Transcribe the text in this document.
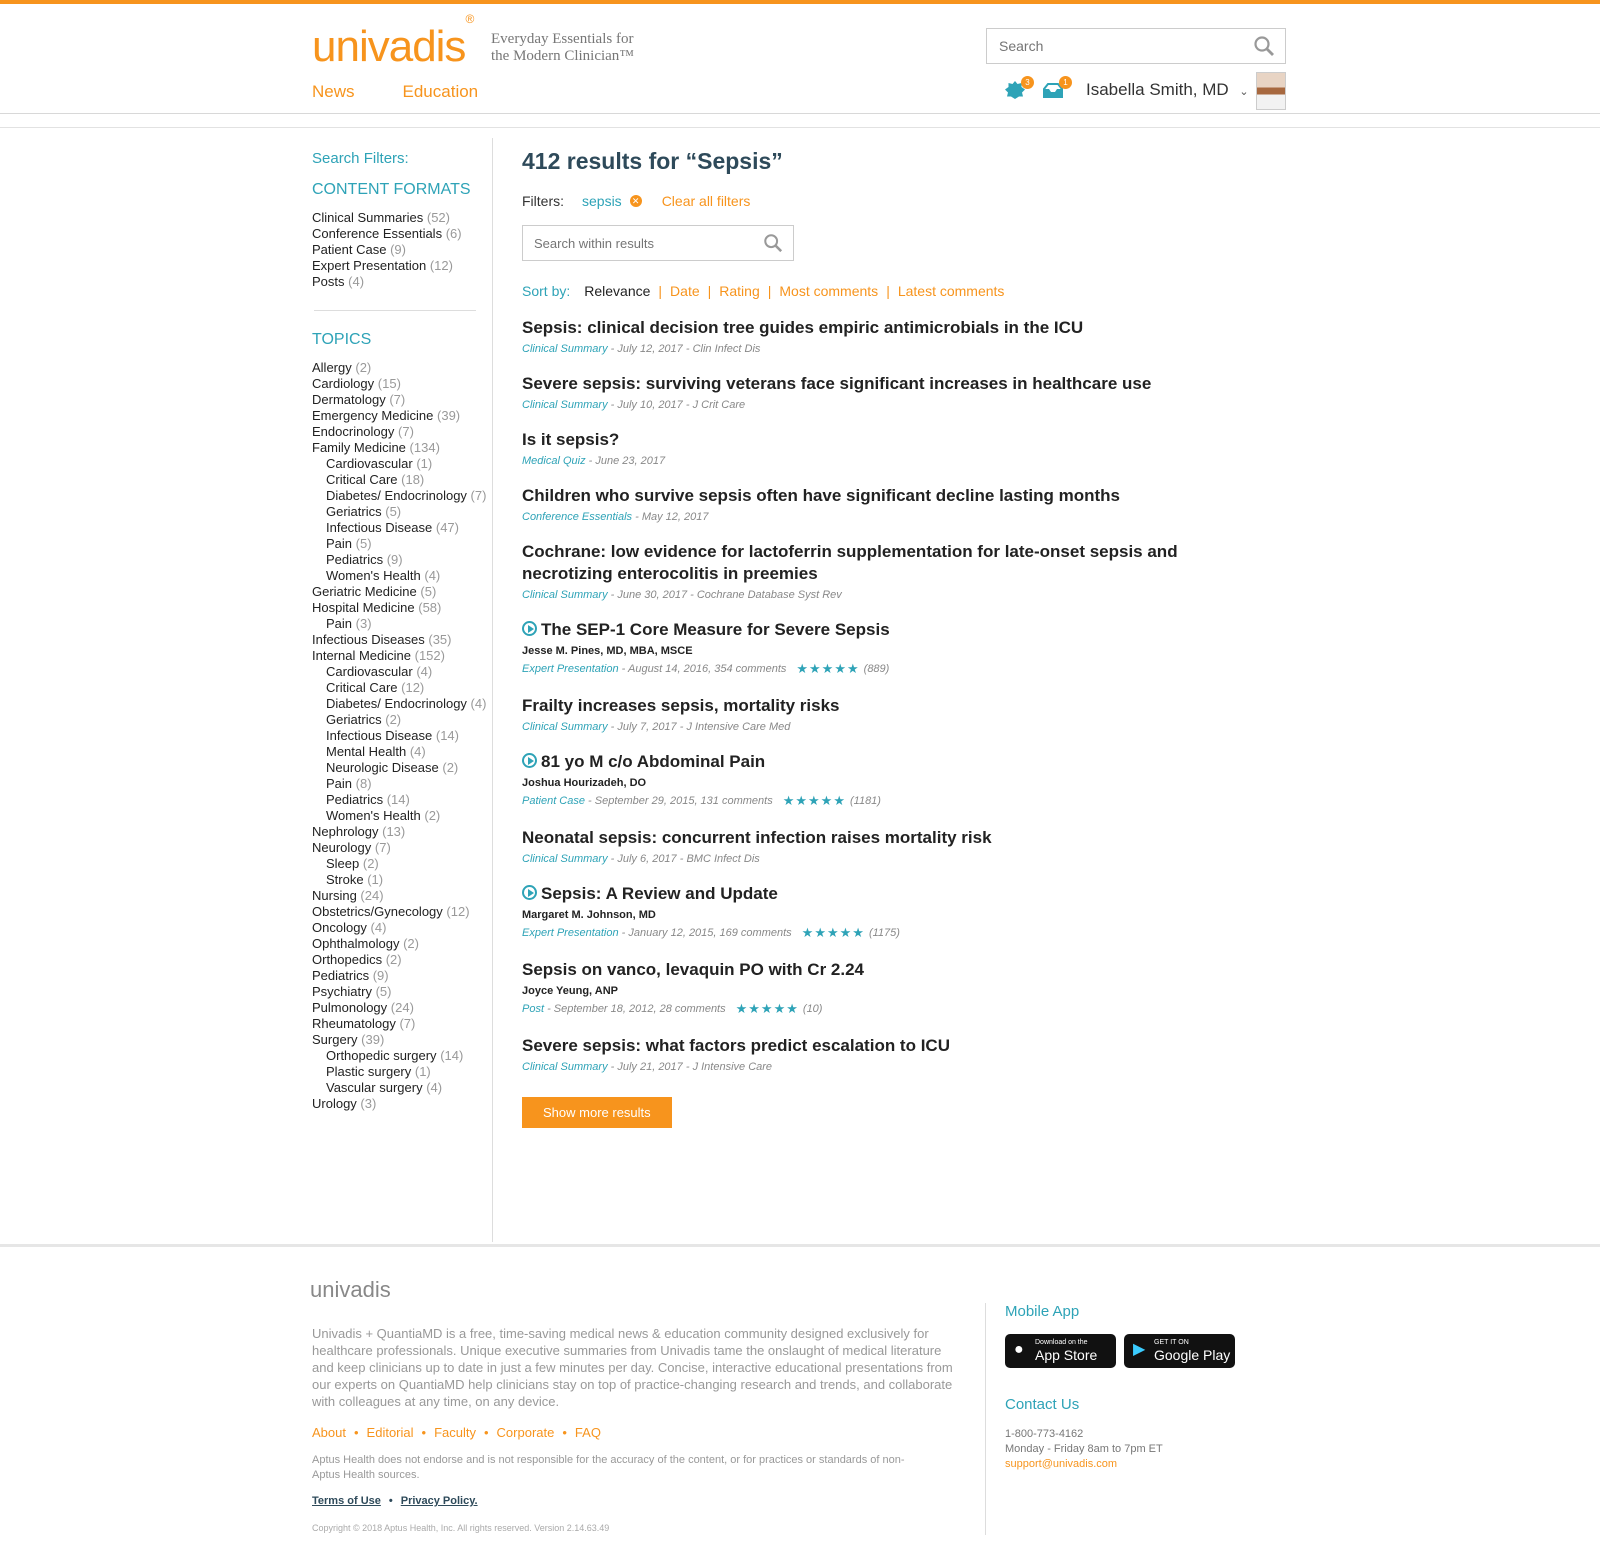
univadis®
Everyday Essentials for
the Modern Clinician™
News	Education
Search	3	1 Isabella Smith, MD ⌄
Search Filters:
CONTENT FORMATS
Clinical Summaries (52)
Conference Essentials (6)
Patient Case (9)
Expert Presentation (12)
Posts (4)
TOPICS
Allergy (2)
Cardiology (15)
Dermatology (7)
Emergency Medicine (39)
Endocrinology (7)
Family Medicine (134)
Cardiovascular (1)
Critical Care (18)
Diabetes/ Endocrinology (7)
Geriatrics (5)
Infectious Disease (47)
Pain (5)
Pediatrics (9)
Women's Health (4)
Geriatric Medicine (5)
Hospital Medicine (58)
Pain (3)
Infectious Diseases (35)
Internal Medicine (152)
Cardiovascular (4)
Critical Care (12)
Diabetes/ Endocrinology (4)
Geriatrics (2)
Infectious Disease (14)
Mental Health (4)
Neurologic Disease (2)
Pain (8)
Pediatrics (14)
Women's Health (2)
Nephrology (13)
Neurology (7)
Sleep (2)
Stroke (1)
Nursing (24)
Obstetrics/Gynecology (12)
Oncology (4)
Ophthalmology (2)
Orthopedics (2)
Pediatrics (9)
Psychiatry (5)
Pulmonology (24)
Rheumatology (7)
Surgery (39)
Orthopedic surgery (14)
Plastic surgery (1)
Vascular surgery (4)
Urology (3)
412 results for “Sepsis”
Filters: sepsis ✕ Clear all filters
Search within results
Sort by: Relevance | Date | Rating | Most comments | Latest comments
Sepsis: clinical decision tree guides empiric antimicrobials in the ICU
Clinical Summary - July 12, 2017 - Clin Infect Dis
Severe sepsis: surviving veterans face significant increases in healthcare use
Clinical Summary - July 10, 2017 - J Crit Care
Is it sepsis?
Medical Quiz - June 23, 2017
Children who survive sepsis often have significant decline lasting months
Conference Essentials - May 12, 2017
Cochrane: low evidence for lactoferrin supplementation for late-onset sepsis and necrotizing enterocolitis in preemies
Clinical Summary - June 30, 2017 - Cochrane Database Syst Rev
The SEP-1 Core Measure for Severe Sepsis
Jesse M. Pines, MD, MBA, MSCE
Expert Presentation - August 14, 2016, 354 comments ★★★★★ (889)
Frailty increases sepsis, mortality risks
Clinical Summary - July 7, 2017 - J Intensive Care Med
81 yo M c/o Abdominal Pain
Joshua Hourizadeh, DO
Patient Case - September 29, 2015, 131 comments ★★★★★ (1181)
Neonatal sepsis: concurrent infection raises mortality risk
Clinical Summary - July 6, 2017 - BMC Infect Dis
Sepsis: A Review and Update
Margaret M. Johnson, MD
Expert Presentation - January 12, 2015, 169 comments ★★★★★ (1175)
Sepsis on vanco, levaquin PO with Cr 2.24
Joyce Yeung, ANP
Post - September 18, 2012, 28 comments ★★★★★ (10)
Severe sepsis: what factors predict escalation to ICU
Clinical Summary - July 21, 2017 - J Intensive Care
Show more results
univadis

Univadis + QuantiaMD is a free, time-saving medical news & education community designed exclusively for healthcare professionals. Unique executive summaries from Univadis tame the onslaught of medical literature and keep clinicians up to date in just a few minutes per day. Concise, interactive educational presentations from our experts on QuantiaMD help clinicians stay on top of practice-changing research and trends, and collaborate with colleagues at any time, on any device.

About • Editorial • Faculty • Corporate • FAQ

Aptus Health does not endorse and is not responsible for the accuracy of the content, or for practices or standards of non-Aptus Health sources.

Terms of Use • Privacy Policy.
Copyright © 2018 Aptus Health, Inc. All rights reserved. Version 2.14.63.49
Mobile App
● Download on the
App Store	▶ GET IT ON
Google Play
Contact Us
1-800-773-4162
Monday - Friday 8am to 7pm ET
support@univadis.com
